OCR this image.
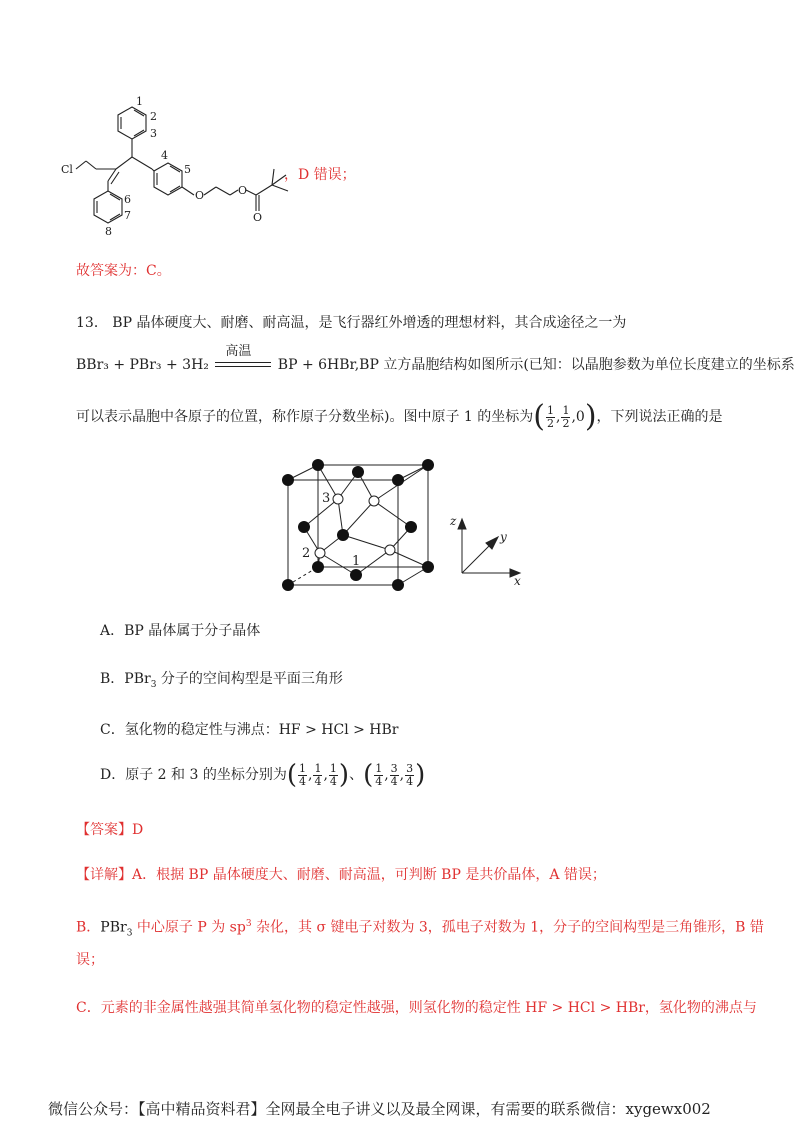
Cl
O	O
O
1
2
3
4
5
6
7
8
，D 错误；
故答案为：C。
13． BP 晶体硬度大、耐磨、耐高温，是飞行器红外增透的理想材料，其合成途径之一为
BBr₃ + PBr₃ + 3H₂
高温
BP + 6HBr,BP 立方晶胞结构如图所示(已知：以晶胞参数为单位长度建立的坐标系
可以表示晶胞中各原子的位置，称作原子分数坐标)。图中原子 1 的坐标为( $\frac{1}{2}$ , $\frac{1}{2} ,0$)，下列说法正确的是
3
2
1
z
y
x
A．BP 晶体属于分子晶体
B．PBr$_3$ 分子的空间构型是平面三角形
C．氢化物的稳定性与沸点：HF > HCl > HBr
D．原子 2 和 3 的坐标分别为( $\frac{1}{4}$ , $\frac{1}{4}$ , $\frac{1}{4}$ )、( $\frac{1}{4}$ , $\frac{3}{4}$ , $\frac{3}{4}$ )
【答案】D
【详解】A．根据 BP 晶体硬度大、耐磨、耐高温，可判断 BP 是共价晶体，A 错误；
B．PBr$_3$ 中心原子 P 为 $sp^3$ 杂化，其 σ 键电子对数为 3，孤电子对数为 1，分子的空间构型是三角锥形，B 错
误；
C．元素的非金属性越强其简单氢化物的稳定性越强，则氢化物的稳定性 HF > HCl > HBr，氢化物的沸点与
微信公众号：【高中精品资料君】全网最全电子讲义以及最全网课，有需要的联系微信：xygewx002
